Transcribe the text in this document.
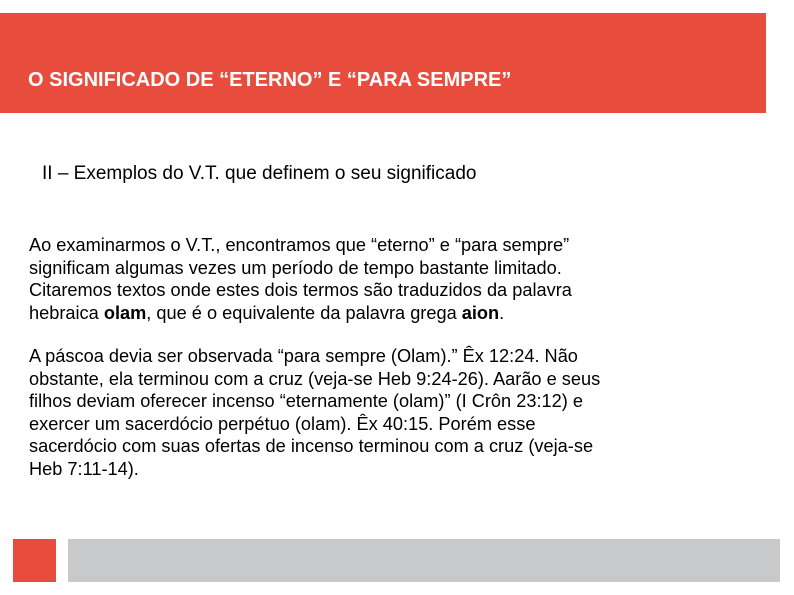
O SIGNIFICADO DE “ETERNO” E “PARA SEMPRE”

II – Exemplos do V.T. que definem o seu significado

Ao examinarmos o V.T., encontramos que “eterno” e “para sempre”
significam algumas vezes um período de tempo bastante limitado.
Citaremos textos onde estes dois termos são traduzidos da palavra
hebraica olam, que é o equivalente da palavra grega aion.

A páscoa devia ser observada “para sempre (Olam).” Êx 12:24. Não
obstante, ela terminou com a cruz (veja-se Heb 9:24-26). Aarão e seus
filhos deviam oferecer incenso “eternamente (olam)” (I Crôn 23:12) e
exercer um sacerdócio perpétuo (olam). Êx 40:15. Porém esse
sacerdócio com suas ofertas de incenso terminou com a cruz (veja-se
Heb 7:11-14).
